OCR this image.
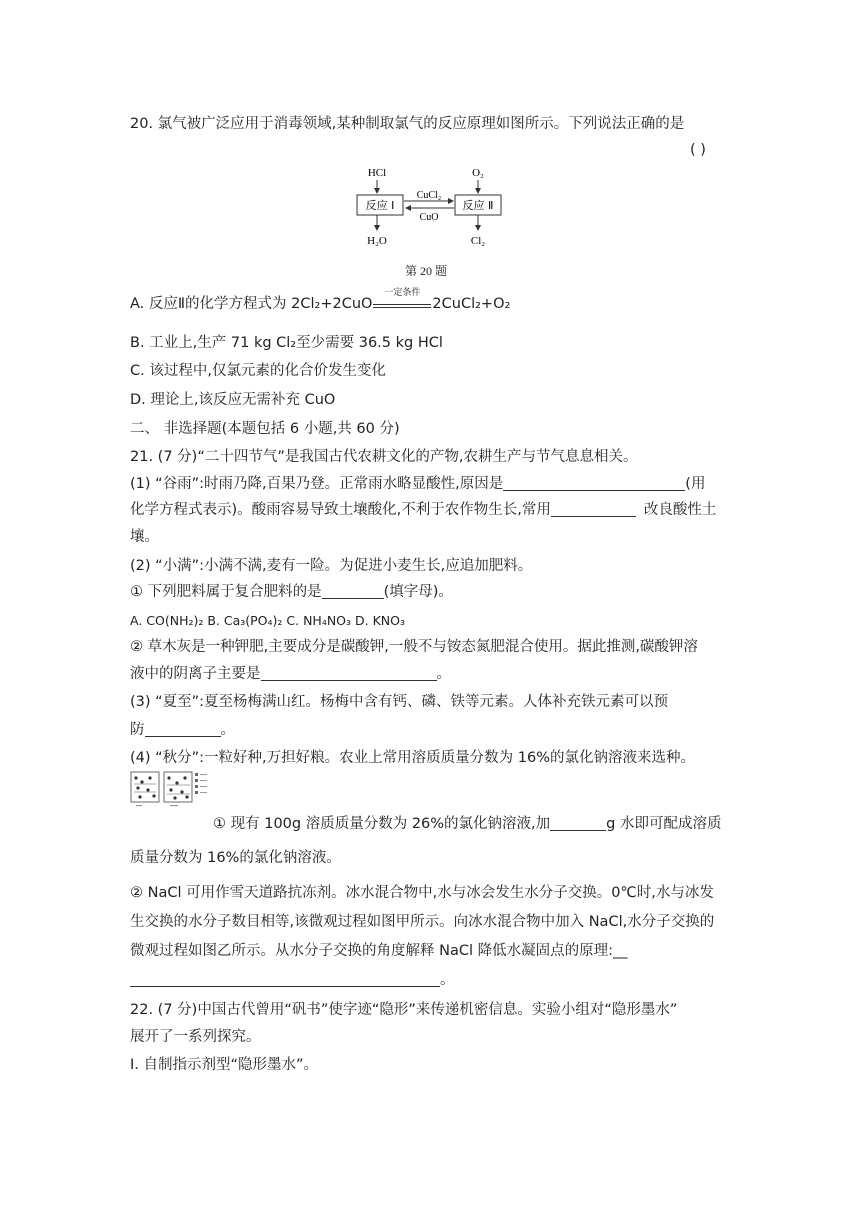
20. 氯气被广泛应用于消毒领域,某种制取氯气的反应原理如图所示。下列说法正确的是
( )
HCl
反应 Ⅰ
H₂O
O₂
反应 Ⅱ
Cl₂
CuCl₂
CuO
第 20 题
A. 反应Ⅱ的化学方程式为 2Cl₂+2CuO
一定条件
2CuCl₂+O₂
B. 工业上,生产 71 kg Cl₂至少需要 36.5 kg HCl
C. 该过程中,仅氯元素的化合价发生变化
D. 理论上,该反应无需补充 CuO
二、 非选择题(本题包括 6 小题,共 60 分)
21. (7 分)“二十四节气”是我国古代农耕文化的产物,农耕生产与节气息息相关。
(1) “谷雨”:时雨乃降,百果乃登。正常雨水略显酸性,原因是	(用
化学方程式表示)。酸雨容易导致土壤酸化,不利于农作物生长,常用	改良酸性土
壤。
(2) “小满”:小满不满,麦有一险。为促进小麦生长,应追加肥料。
① 下列肥料属于复合肥料的是	(填字母)。
A. CO(NH₂)₂ B. Ca₃(PO₄)₂ C. NH₄NO₃ D. KNO₃
② 草木灰是一种钾肥,主要成分是碳酸钾,一般不与铵态氮肥混合使用。据此推测,碳酸钾溶
液中的阴离子主要是	。
(3) “夏至”:夏至杨梅满山红。杨梅中含有钙、磷、铁等元素。人体补充铁元素可以预
防	。
(4) “秋分”:一粒好种,万担好粮。农业上常用溶质质量分数为 16%的氯化钠溶液来选种。
① 现有 100g 溶质质量分数为 26%的氯化钠溶液,加	g 水即可配成溶质
质量分数为 16%的氯化钠溶液。
② NaCl 可用作雪天道路抗冻剂。冰水混合物中,水与冰会发生水分子交换。0℃时,水与冰发
生交换的水分子数目相等,该微观过程如图甲所示。向冰水混合物中加入 NaCl,水分子交换的
微观过程如图乙所示。从水分子交换的角度解释 NaCl 降低水凝固点的原理:__
。
22. (7 分)中国古代曾用“矾书”使字迹“隐形”来传递机密信息。实验小组对“隐形墨水”
展开了一系列探究。
Ⅰ. 自制指示剂型“隐形墨水”。
